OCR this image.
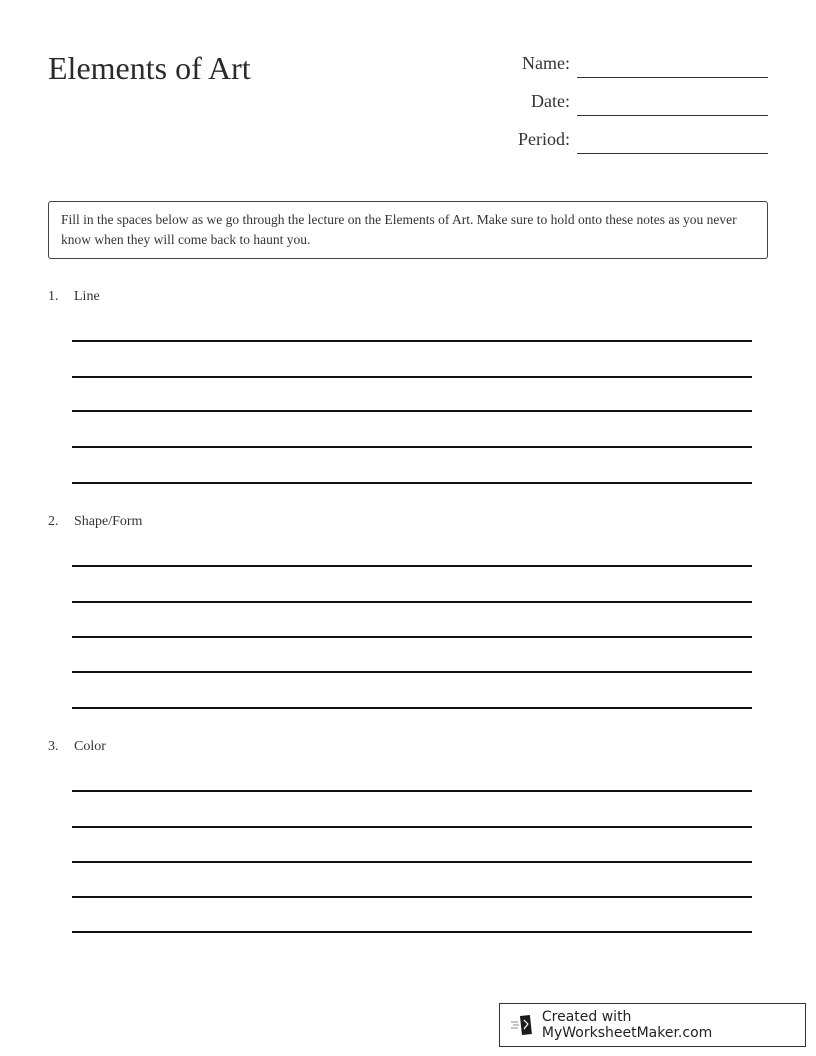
Elements of Art	Name:
Date:
Period:
Fill in the spaces below as we go through the lecture on the Elements of Art. Make sure to hold onto these notes as you never know when they will come back to haunt you.
1. Line
2. Shape/Form
3. Color
Created with MyWorksheetMaker.com
